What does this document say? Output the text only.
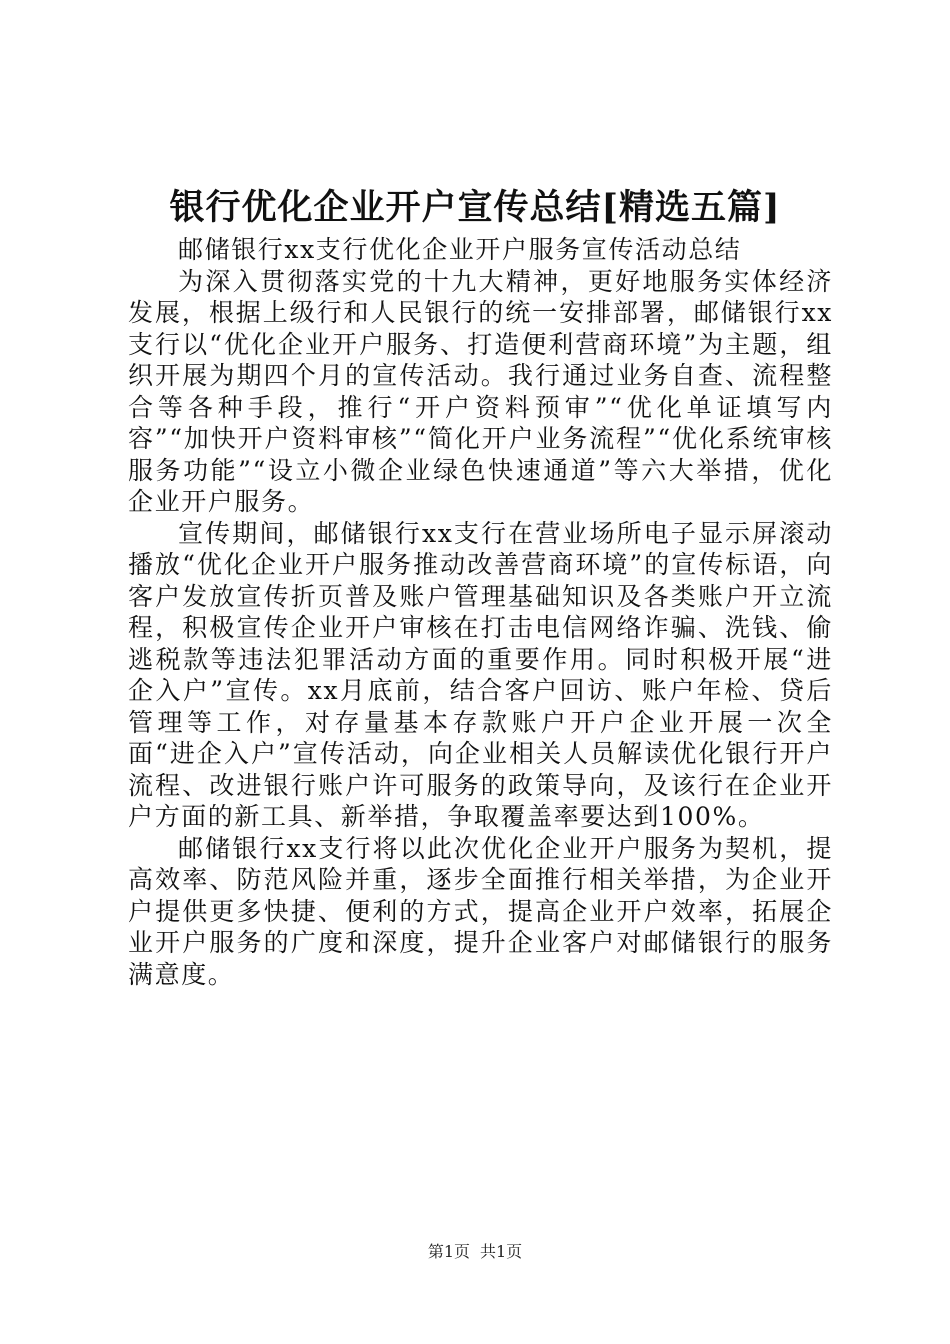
银行优化企业开户宣传总结[精选五篇]

邮储银行xx支行优化企业开户服务宣传活动总结

为深入贯彻落实党的十九大精神，更好地服务实体经济发展，根据上级行和人民银行的统一安排部署，邮储银行xx支行以“优化企业开户服务、打造便利营商环境”为主题，组织开展为期四个月的宣传活动。我行通过业务自查、流程整合等各种手段，推行“开户资料预审”“优化单证填写内容”“加快开户资料审核”“简化开户业务流程”“优化系统审核服务功能”“设立小微企业绿色快速通道”等六大举措，优化企业开户服务。

宣传期间，邮储银行xx支行在营业场所电子显示屏滚动播放“优化企业开户服务推动改善营商环境”的宣传标语，向客户发放宣传折页普及账户管理基础知识及各类账户开立流程，积极宣传企业开户审核在打击电信网络诈骗、洗钱、偷逃税款等违法犯罪活动方面的重要作用。同时积极开展“进企入户”宣传。xx月底前，结合客户回访、账户年检、贷后管理等工作，对存量基本存款账户开户企业开展一次全面“进企入户”宣传活动，向企业相关人员解读优化银行开户流程、改进银行账户许可服务的政策导向，及该行在企业开户方面的新工具、新举措，争取覆盖率要达到100%。

邮储银行xx支行将以此次优化企业开户服务为契机，提高效率、防范风险并重，逐步全面推行相关举措，为企业开户提供更多快捷、便利的方式，提高企业开户效率，拓展企业开户服务的广度和深度，提升企业客户对邮储银行的服务满意度。

第1页 共1页
